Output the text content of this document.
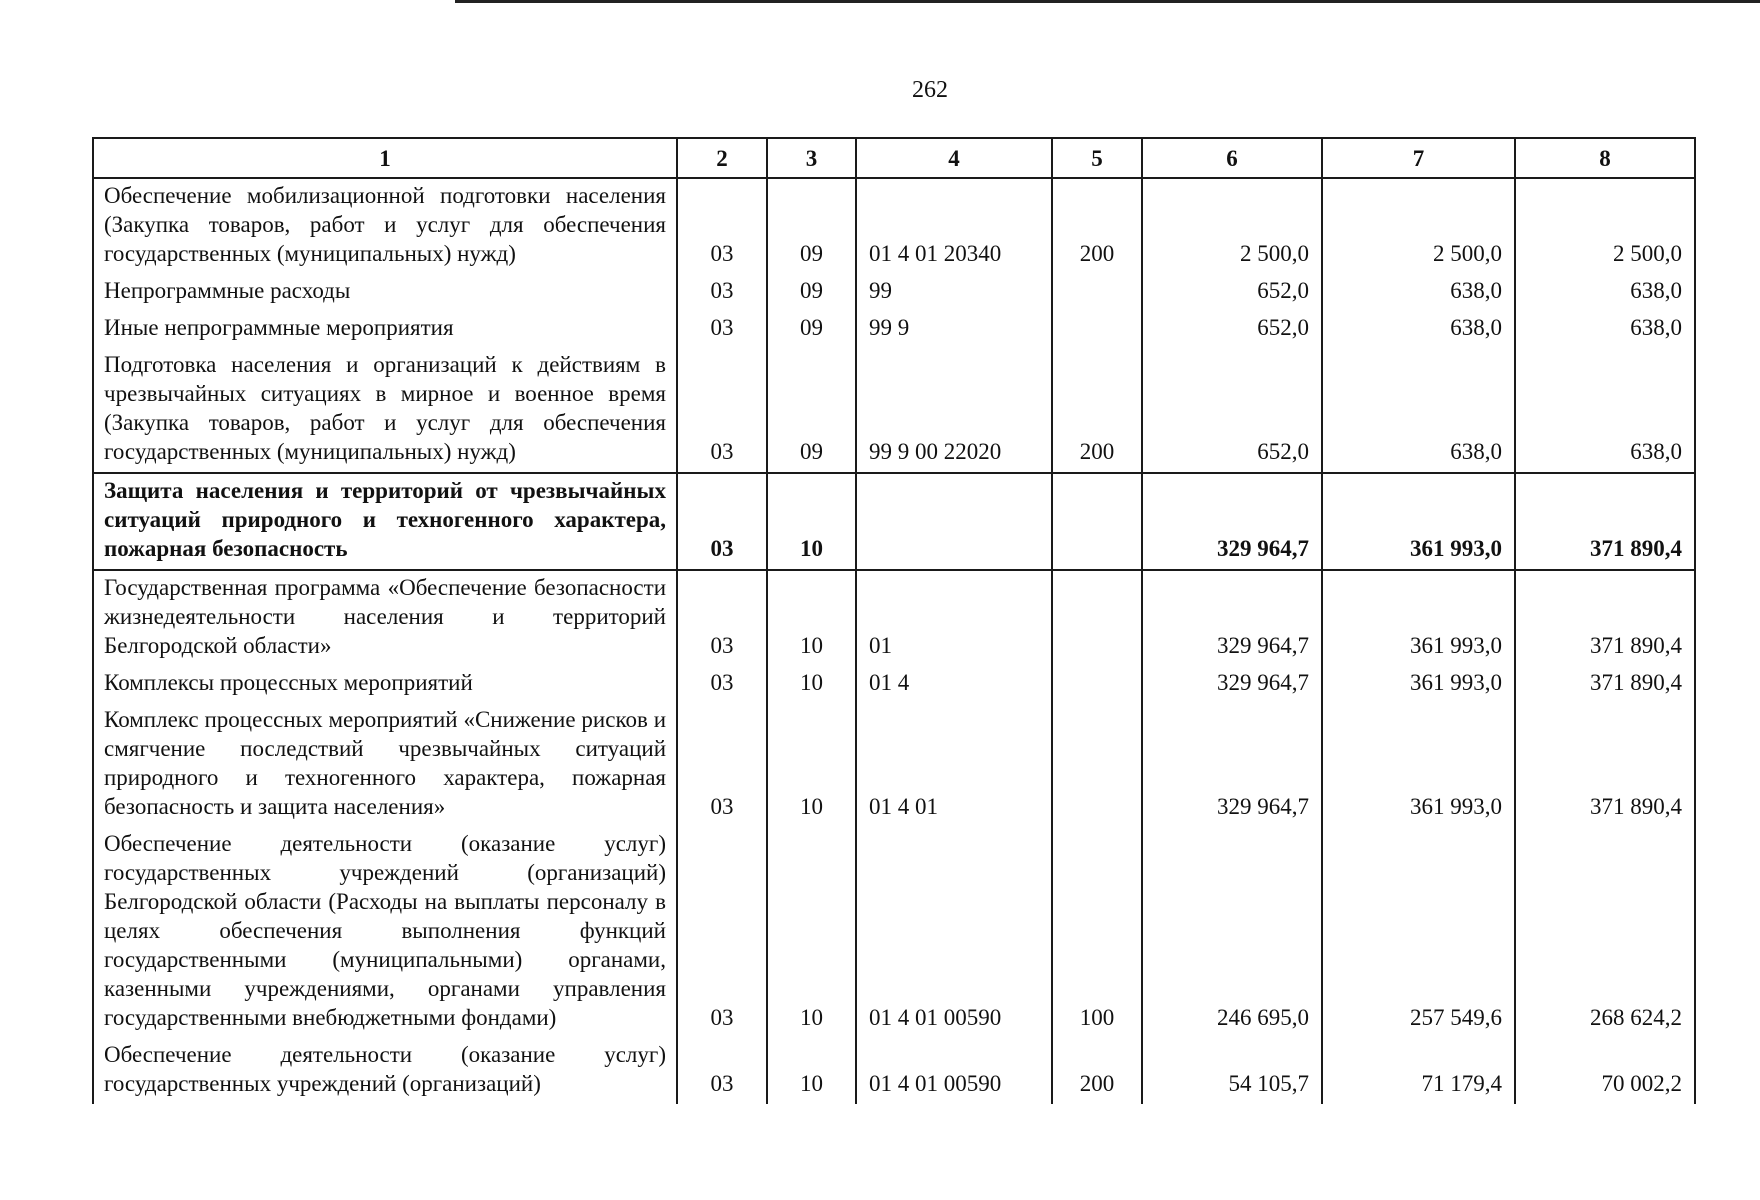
262
1	2	3	4	5	6	7	8
Обеспечение мобилизационной подготовки населения (Закупка товаров, работ и услуг для обеспечения государственных (муниципальных) нужд)	03	09	01 4 01 20340	200	2 500,0	2 500,0	2 500,0
Непрограммные расходы	03	09	99		652,0	638,0	638,0
Иные непрограммные мероприятия	03	09	99 9		652,0	638,0	638,0
Подготовка населения и организаций к действиям в чрезвычайных ситуациях в мирное и военное время (Закупка товаров, работ и услуг для обеспечения государственных (муниципальных) нужд)	03	09	99 9 00 22020	200	652,0	638,0	638,0
Защита населения и территорий от чрезвычайных ситуаций природного и техногенного характера, пожарная безопасность	03	10			329 964,7	361 993,0	371 890,4
Государственная программа «Обеспечение безопасности жизнедеятельности населения и территорий Белгородской области»	03	10	01		329 964,7	361 993,0	371 890,4
Комплексы процессных мероприятий	03	10	01 4		329 964,7	361 993,0	371 890,4
Комплекс процессных мероприятий «Снижение рисков и смягчение последствий чрезвычайных ситуаций природного и техногенного характера, пожарная безопасность и защита населения»	03	10	01 4 01		329 964,7	361 993,0	371 890,4
Обеспечение деятельности (оказание услуг) государственных учреждений (организаций) Белгородской области (Расходы на выплаты персоналу в целях обеспечения выполнения функций государственными (муниципальными) органами, казенными учреждениями, органами управления государственными внебюджетными фондами)	03	10	01 4 01 00590	100	246 695,0	257 549,6	268 624,2
Обеспечение деятельности (оказание услуг) государственных учреждений (организаций)	03	10	01 4 01 00590	200	54 105,7	71 179,4	70 002,2
